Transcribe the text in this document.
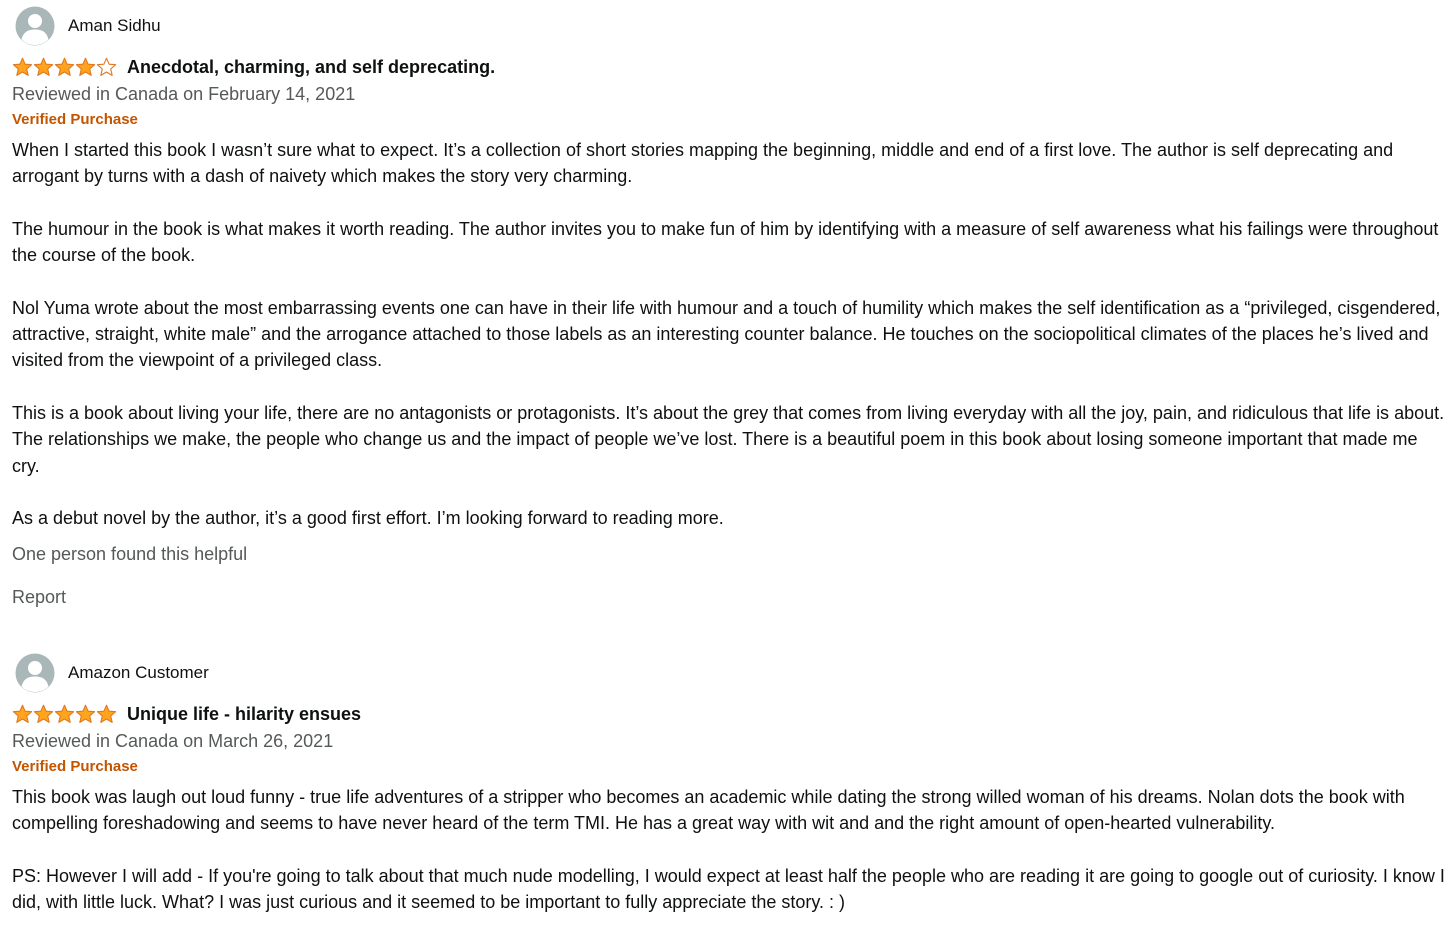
Aman Sidhu
Anecdotal, charming, and self deprecating.
Reviewed in Canada on February 14, 2021
Verified Purchase

When I started this book I wasn’t sure what to expect. It’s a collection of short stories mapping the beginning, middle and end of a first love. The author is self deprecating and arrogant by turns with a dash of naivety which makes the story very charming.

The humour in the book is what makes it worth reading. The author invites you to make fun of him by identifying with a measure of self awareness what his failings were throughout the course of the book.

Nol Yuma wrote about the most embarrassing events one can have in their life with humour and a touch of humility which makes the self identification as a “privileged, cisgendered, attractive, straight, white male” and the arrogance attached to those labels as an interesting counter balance. He touches on the sociopolitical climates of the places he’s lived and visited from the viewpoint of a privileged class.

This is a book about living your life, there are no antagonists or protagonists. It’s about the grey that comes from living everyday with all the joy, pain, and ridiculous that life is about. The relationships we make, the people who change us and the impact of people we’ve lost. There is a beautiful poem in this book about losing someone important that made me cry.

As a debut novel by the author, it’s a good first effort. I’m looking forward to reading more.

One person found this helpful
Report
Amazon Customer
Unique life - hilarity ensues
Reviewed in Canada on March 26, 2021
Verified Purchase

This book was laugh out loud funny - true life adventures of a stripper who becomes an academic while dating the strong willed woman of his dreams. Nolan dots the book with compelling foreshadowing and seems to have never heard of the term TMI. He has a great way with wit and and the right amount of open-hearted vulnerability.

PS: However I will add - If you're going to talk about that much nude modelling, I would expect at least half the people who are reading it are going to google out of curiosity. I know I did, with little luck. What? I was just curious and it seemed to be important to fully appreciate the story. : )
